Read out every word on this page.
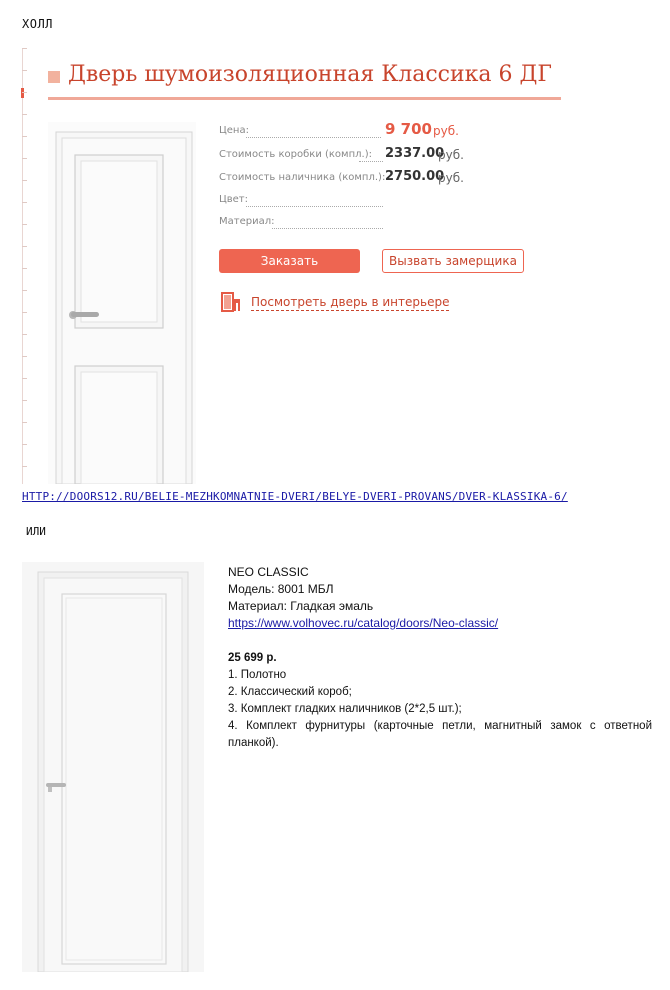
ХОЛЛ
Дверь шумоизоляционная Классика 6 ДГ
Цена:	9 700 руб.
Стоимость коробки (компл.): 2337.00
руб.
Стоимость наличника (компл.): 2750.00
руб.
Цвет:
Материал:
Заказать	Вызвать замерщика
Посмотреть дверь в интерьере
HTTP://DOORS12.RU/BELIE-MEZHKOMNATNIE-DVERI/BELYE-DVERI-PROVANS/DVER-KLASSIKA-6/
ИЛИ
NEO CLASSIC
Модель: 8001 МБЛ
Материал: Гладкая эмаль
https://www.volhovec.ru/catalog/doors/Neo-classic/
25 699 р.
1. Полотно
2. Классический короб;
3. Комплект гладких наличников (2*2,5 шт.);
4. Комплект фурнитуры (карточные петли, магнитный замок с ответной планкой).
